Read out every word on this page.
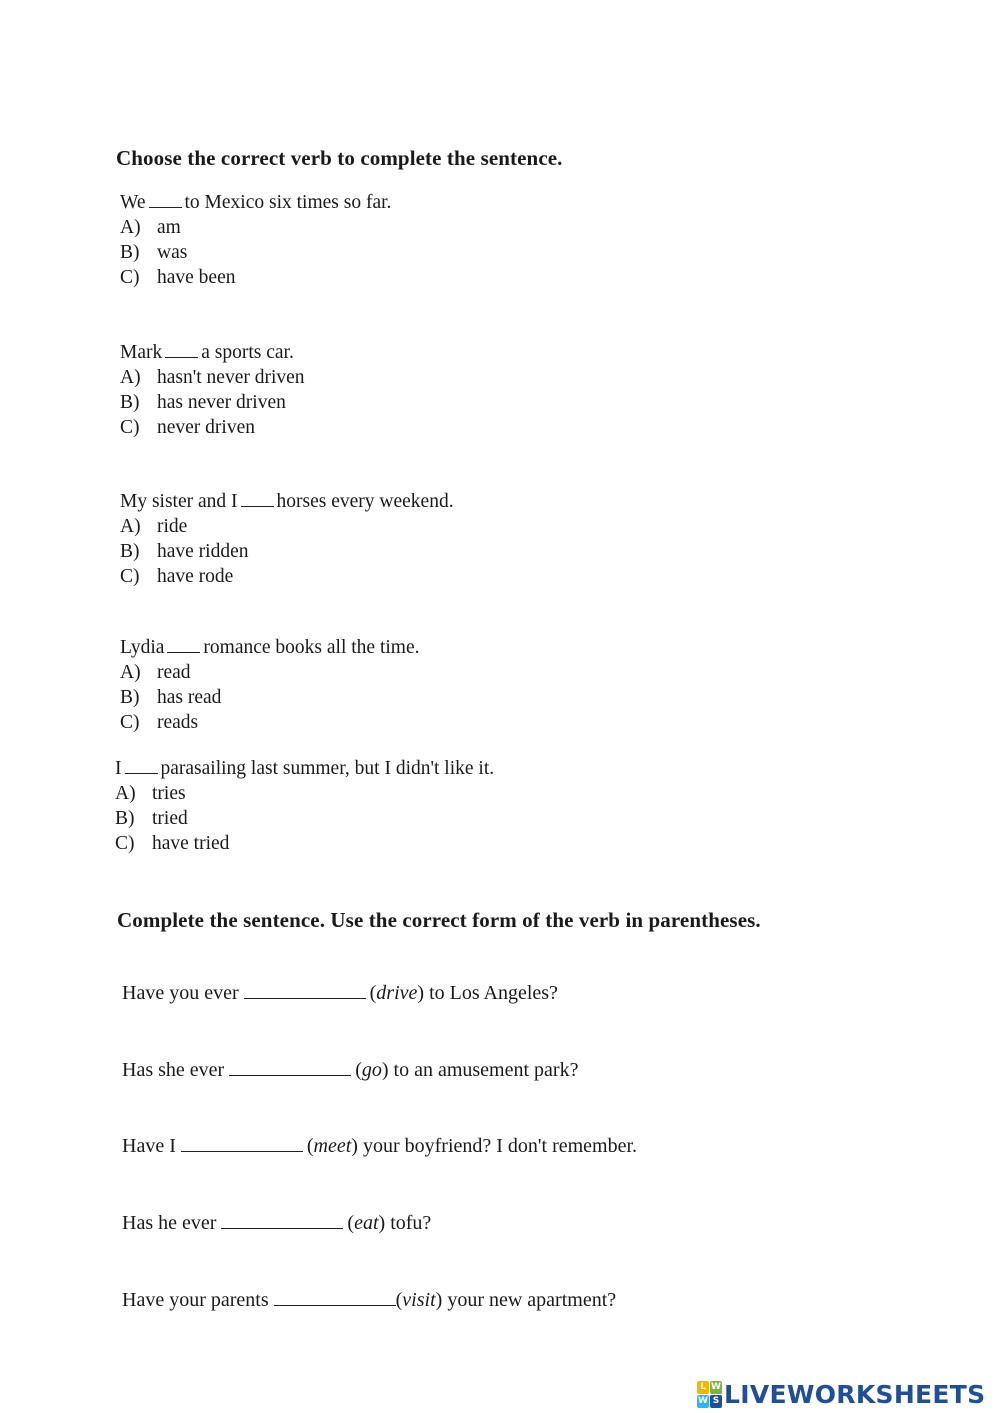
Choose the correct verb to complete the sentence.
We to Mexico six times so far.
A) am
B) was
C) have been
Mark a sports car.
A) hasn't never driven
B) has never driven
C) never driven
My sister and I horses every weekend.
A) ride
B) have ridden
C) have rode
Lydia romance books all the time.
A) read
B) has read
C) reads
I parasailing last summer, but I didn't like it.
A) tries
B) tried
C) have tried
Complete the sentence. Use the correct form of the verb in parentheses.
Have you ever	(drive) to Los Angeles?
Has she ever	(go) to an amusement park?
Have I	(meet) your boyfriend? I don't remember.
Has he ever	(eat) tofu?
Have your parents	(visit) your new apartment?
L W
W S LIVEWORKSHEETS
